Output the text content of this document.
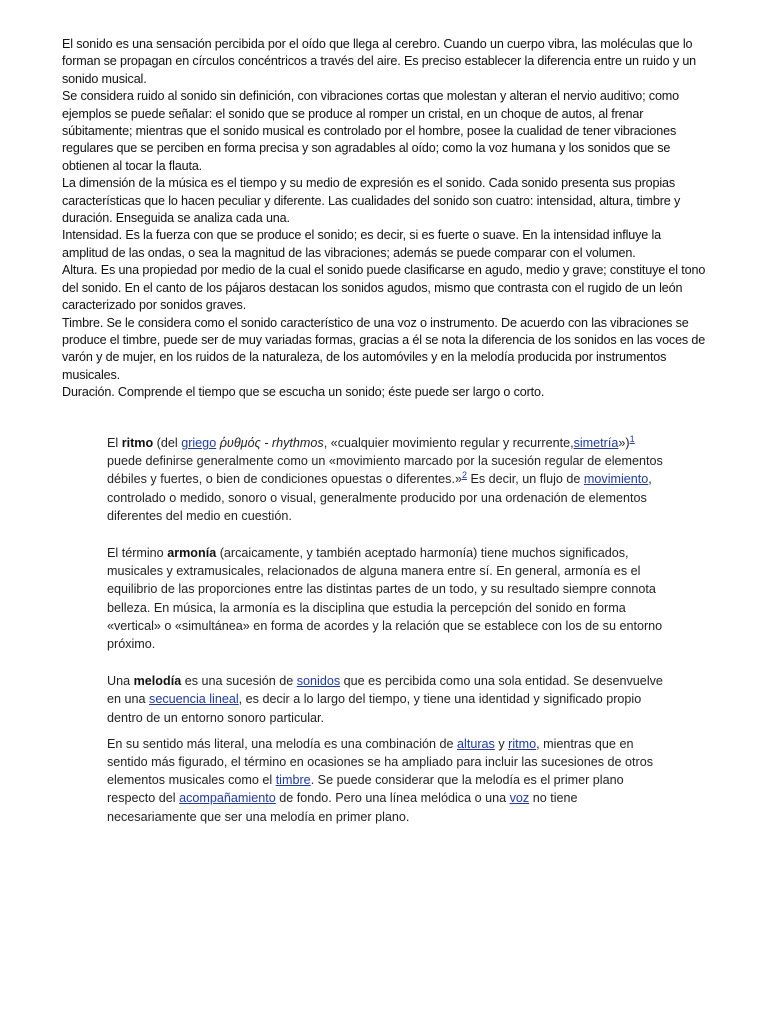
El sonido es una sensación percibida por el oído que llega al cerebro. Cuando un cuerpo vibra, las moléculas que lo forman se propagan en círculos concéntricos a través del aire. Es preciso establecer la diferencia entre un ruido y un sonido musical.

Se considera ruido al sonido sin definición, con vibraciones cortas que molestan y alteran el nervio auditivo; como ejemplos se puede señalar: el sonido que se produce al romper un cristal, en un choque de autos, al frenar súbitamente; mientras que el sonido musical es controlado por el hombre, posee la cualidad de tener vibraciones regulares que se perciben en forma precisa y son agradables al oído; como la voz humana y los sonidos que se obtienen al tocar la flauta.

La dimensión de la música es el tiempo y su medio de expresión es el sonido. Cada sonido presenta sus propias características que lo hacen peculiar y diferente. Las cualidades del sonido son cuatro: intensidad, altura, timbre y duración. Enseguida se analiza cada una.

Intensidad. Es la fuerza con que se produce el sonido; es decir, si es fuerte o suave. En la intensidad influye la amplitud de las ondas, o sea la magnitud de las vibraciones; además se puede comparar con el volumen.

Altura. Es una propiedad por medio de la cual el sonido puede clasificarse en agudo, medio y grave; constituye el tono del sonido. En el canto de los pájaros destacan los sonidos agudos, mismo que contrasta con el rugido de un león caracterizado por sonidos graves.

Timbre. Se le considera como el sonido característico de una voz o instrumento. De acuerdo con las vibraciones se produce el timbre, puede ser de muy variadas formas, gracias a él se nota la diferencia de los sonidos en las voces de varón y de mujer, en los ruidos de la naturaleza, de los automóviles y en la melodía producida por instrumentos musicales.

Duración. Comprende el tiempo que se escucha un sonido; éste puede ser largo o corto.

El ritmo (del griego ῥυθμός - rhythmos, «cualquier movimiento regular y recurrente,simetría»)$^1$ puede definirse generalmente como un «movimiento marcado por la sucesión regular de elementos débiles y fuertes, o bien de condiciones opuestas o diferentes.»$^2$ Es decir, un flujo de movimiento, controlado o medido, sonoro o visual, generalmente producido por una ordenación de elementos diferentes del medio en cuestión.

El término armonía (arcaicamente, y también aceptado harmonía) tiene muchos significados, musicales y extramusicales, relacionados de alguna manera entre sí. En general, armonía es el equilibrio de las proporciones entre las distintas partes de un todo, y su resultado siempre connota belleza. En música, la armonía es la disciplina que estudia la percepción del sonido en forma «vertical» o «simultánea» en forma de acordes y la relación que se establece con los de su entorno próximo.

Una melodía es una sucesión de sonidos que es percibida como una sola entidad. Se desenvuelve en una secuencia lineal, es decir a lo largo del tiempo, y tiene una identidad y significado propio dentro de un entorno sonoro particular.

En su sentido más literal, una melodía es una combinación de alturas y ritmo, mientras que en sentido más figurado, el término en ocasiones se ha ampliado para incluir las sucesiones de otros elementos musicales como el timbre. Se puede considerar que la melodía es el primer plano respecto del acompañamiento de fondo. Pero una línea melódica o una voz no tiene necesariamente que ser una melodía en primer plano.
